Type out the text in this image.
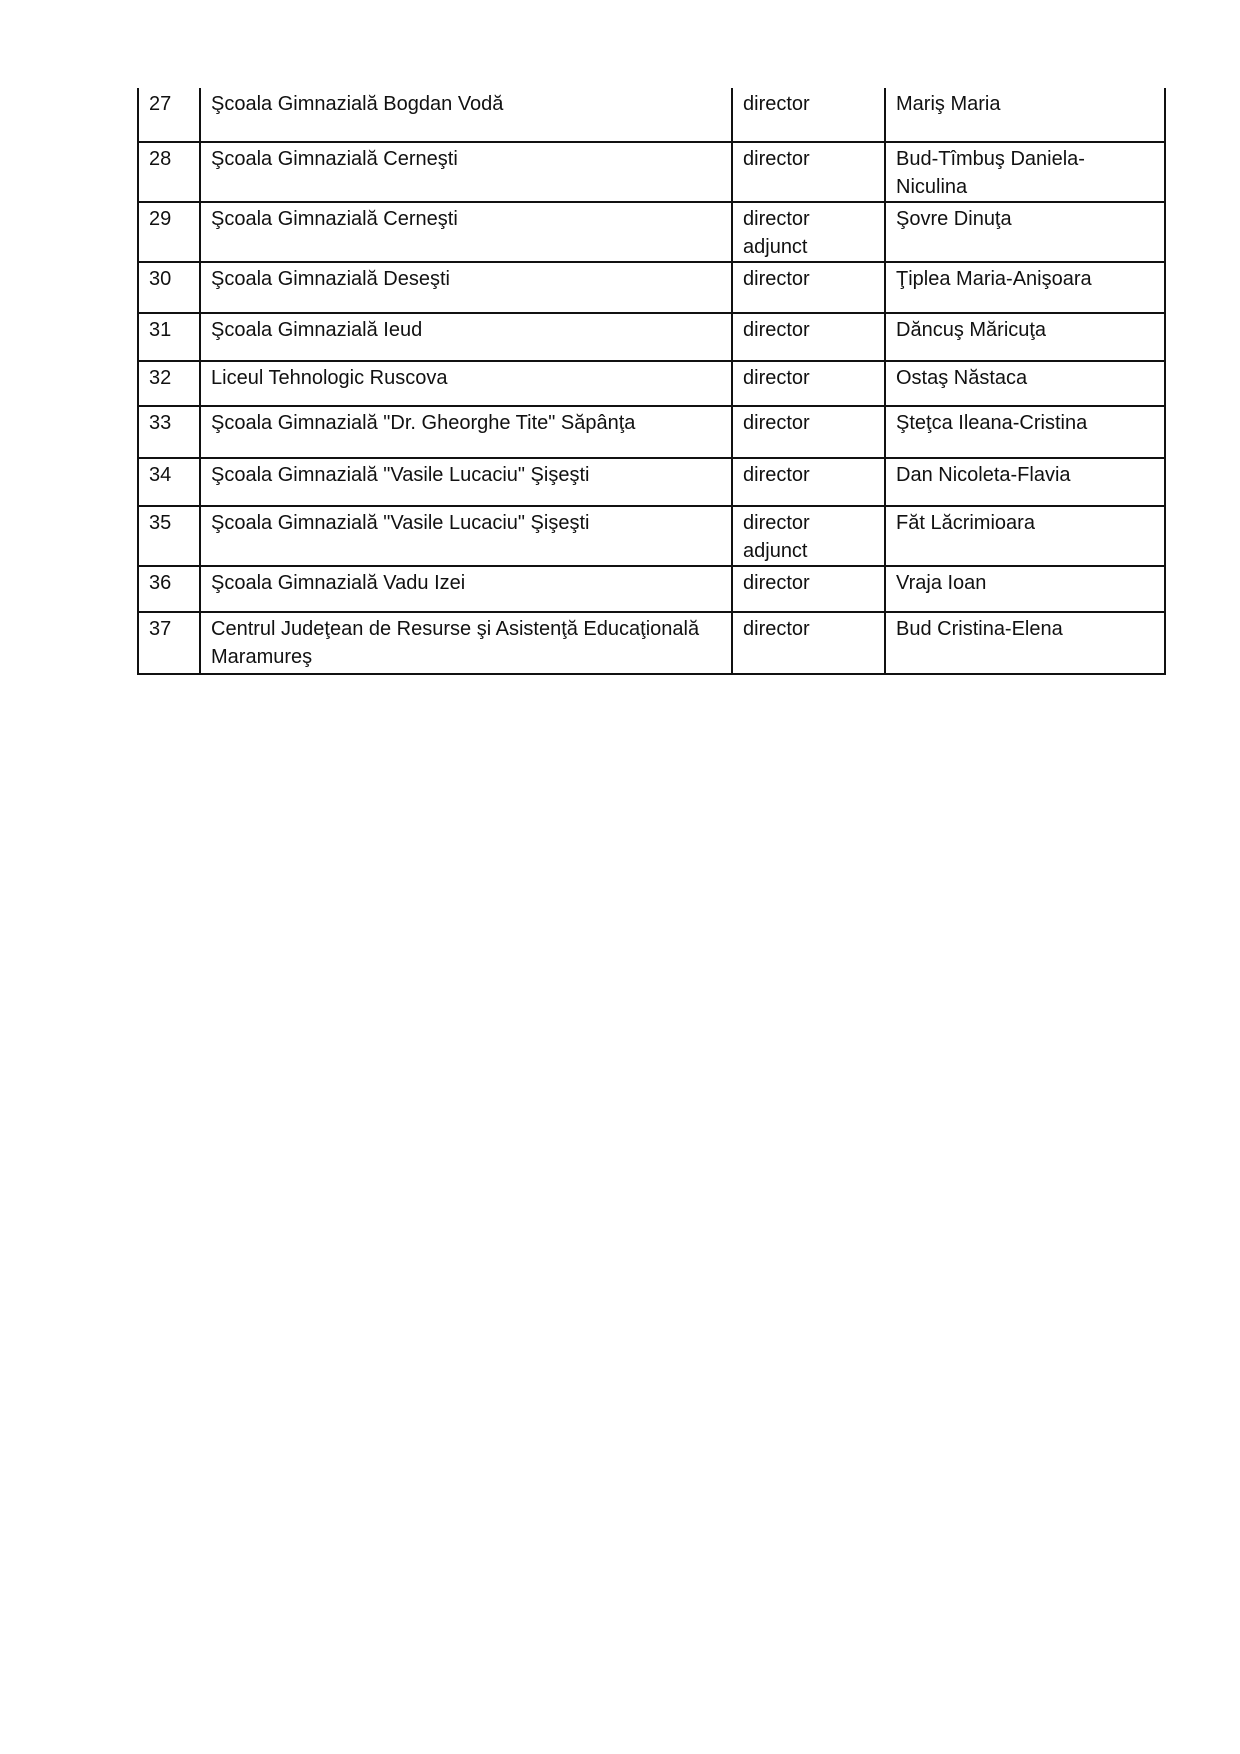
27	Şcoala Gimnazială Bogdan Vodă	director	Mariş Maria
28	Şcoala Gimnazială Cerneşti	director	Bud-Tîmbuş Daniela-Niculina
29	Şcoala Gimnazială Cerneşti	director adjunct	Şovre Dinuţa
30	Şcoala Gimnazială Deseşti	director	Ţiplea Maria-Anişoara
31	Şcoala Gimnazială Ieud	director	Dăncuş Măricuţa
32	Liceul Tehnologic Ruscova	director	Ostaş Năstaca
33	Şcoala Gimnazială "Dr. Gheorghe Tite" Săpânţa	director	Şteţca Ileana-Cristina
34	Şcoala Gimnazială "Vasile Lucaciu" Şişeşti	director	Dan Nicoleta-Flavia
35	Şcoala Gimnazială "Vasile Lucaciu" Şişeşti	director adjunct	Făt Lăcrimioara
36	Şcoala Gimnazială Vadu Izei	director	Vraja Ioan
37	Centrul Judeţean de Resurse şi Asistenţă Educaţională Maramureş	director	Bud Cristina-Elena
